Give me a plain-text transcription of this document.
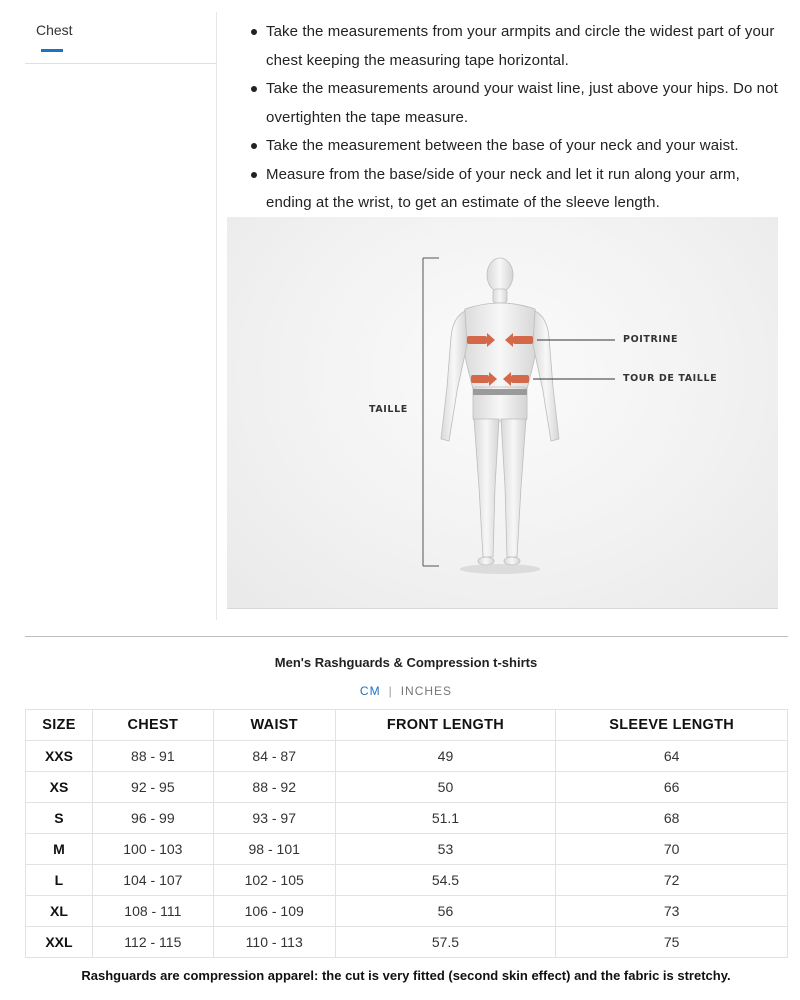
Chest	Take the measurements from your armpits and circle the widest part of your chest keeping the measuring tape horizontal.
Take the measurements around your waist line, just above your hips. Do not overtighten the tape measure.
Take the measurement between the base of your neck and your waist.
Measure from the base/side of your neck and let it run along your arm, ending at the wrist, to get an estimate of the sleeve length.
POITRINE
TOUR DE TAILLE
TAILLE
Men's Rashguards & Compression t-shirts
CM | INCHES
SIZE	CHEST	WAIST	FRONT LENGTH	SLEEVE LENGTH
XXS	88 - 91	84 - 87	49	64
XS	92 - 95	88 - 92	50	66
S	96 - 99	93 - 97	51.1	68
M	100 - 103	98 - 101	53	70
L	104 - 107	102 - 105	54.5	72
XL	108 - 111	106 - 109	56	73
XXL	112 - 115	110 - 113	57.5	75
Rashguards are compression apparel: the cut is very fitted (second skin effect) and the fabric is stretchy.
